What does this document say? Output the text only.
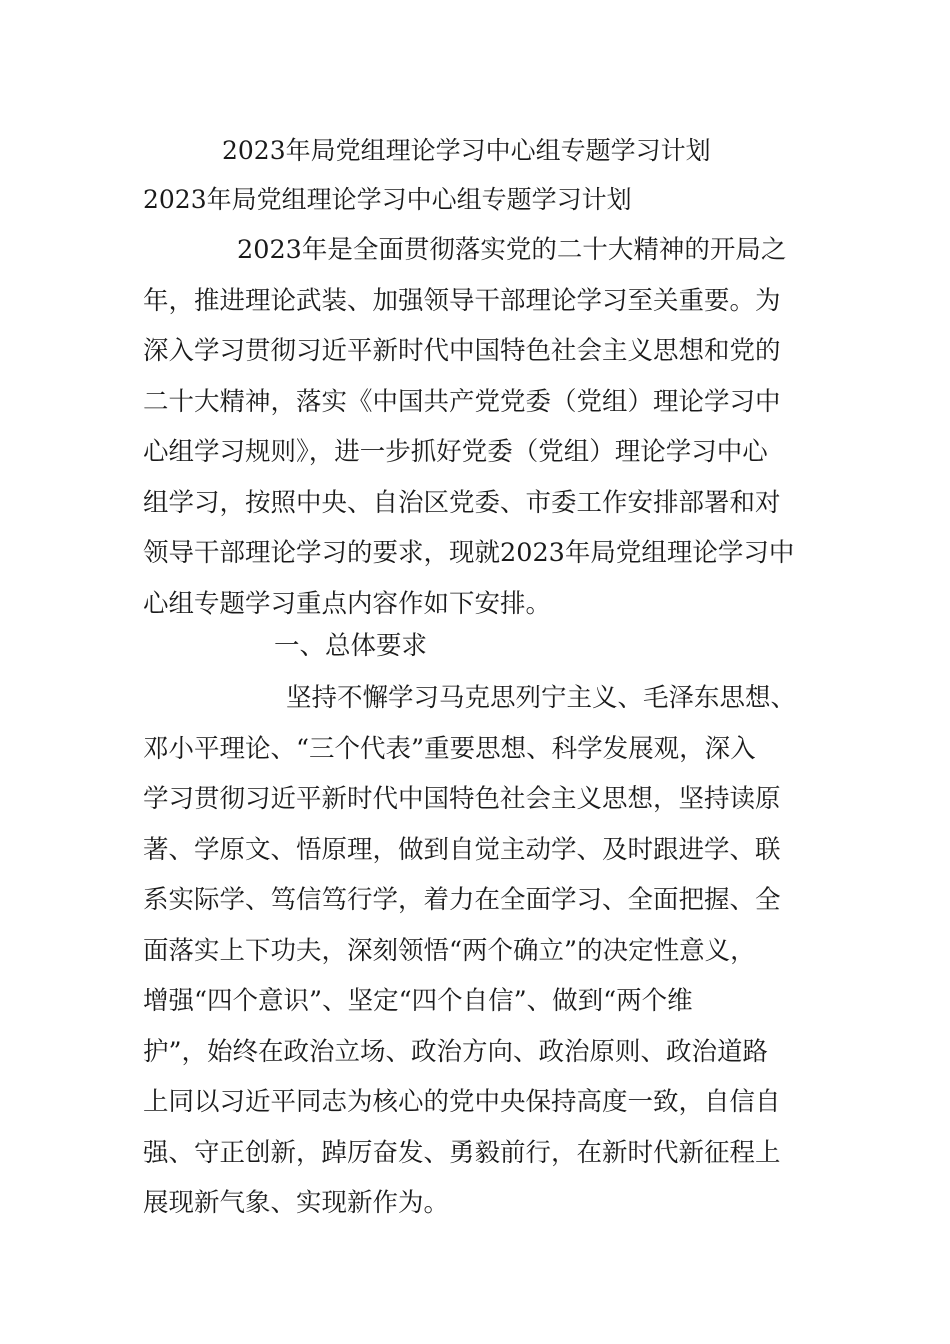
2023年局党组理论学习中心组专题学习计划
2023年局党组理论学习中心组专题学习计划
2023年是全面贯彻落实党的二十大精神的开局之
年，推进理论武装、加强领导干部理论学习至关重要。为
深入学习贯彻习近平新时代中国特色社会主义思想和党的
二十大精神，落实《中国共产党党委（党组）理论学习中
心组学习规则》，进一步抓好党委（党组）理论学习中心
组学习，按照中央、自治区党委、市委工作安排部署和对
领导干部理论学习的要求，现就2023年局党组理论学习中
心组专题学习重点内容作如下安排。
一、总体要求
坚持不懈学习马克思列宁主义、毛泽东思想、
邓小平理论、“三个代表”重要思想、科学发展观，深入
学习贯彻习近平新时代中国特色社会主义思想，坚持读原
著、学原文、悟原理，做到自觉主动学、及时跟进学、联
系实际学、笃信笃行学，着力在全面学习、全面把握、全
面落实上下功夫，深刻领悟“两个确立”的决定性意义，
增强“四个意识”、坚定“四个自信”、做到“两个维
护”，始终在政治立场、政治方向、政治原则、政治道路
上同以习近平同志为核心的党中央保持高度一致，自信自
强、守正创新，踔厉奋发、勇毅前行，在新时代新征程上
展现新气象、实现新作为。
